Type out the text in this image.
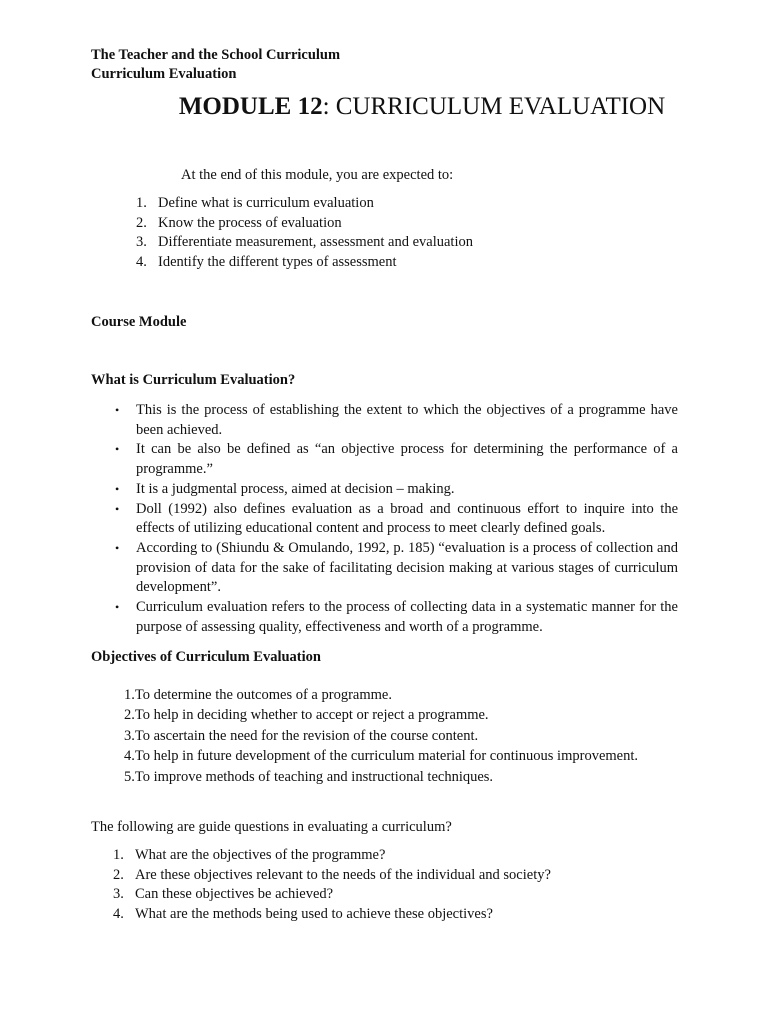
The Teacher and the School Curriculum
Curriculum Evaluation
MODULE 12: CURRICULUM EVALUATION
At the end of this module, you are expected to:
1. Define what is curriculum evaluation
2. Know the process of evaluation
3. Differentiate measurement, assessment and evaluation
4. Identify the different types of assessment
Course Module
What is Curriculum Evaluation?
• This is the process of establishing the extent to which the objectives of a programme have been achieved.
• It can be also be defined as “an objective process for determining the performance of a programme.”
• It is a judgmental process, aimed at decision – making.
• Doll (1992) also defines evaluation as a broad and continuous effort to inquire into the effects of utilizing educational content and process to meet clearly defined goals.
• According to (Shiundu & Omulando, 1992, p. 185) “evaluation is a process of collection and provision of data for the sake of facilitating decision making at various stages of curriculum development”.
• Curriculum evaluation refers to the process of collecting data in a systematic manner for the purpose of assessing quality, effectiveness and worth of a programme.
Objectives of Curriculum Evaluation
1.To determine the outcomes of a programme.
2.To help in deciding whether to accept or reject a programme.
3.To ascertain the need for the revision of the course content.
4.To help in future development of the curriculum material for continuous improvement.
5.To improve methods of teaching and instructional techniques.
The following are guide questions in evaluating a curriculum?
1. What are the objectives of the programme?
2. Are these objectives relevant to the needs of the individual and society?
3. Can these objectives be achieved?
4. What are the methods being used to achieve these objectives?
